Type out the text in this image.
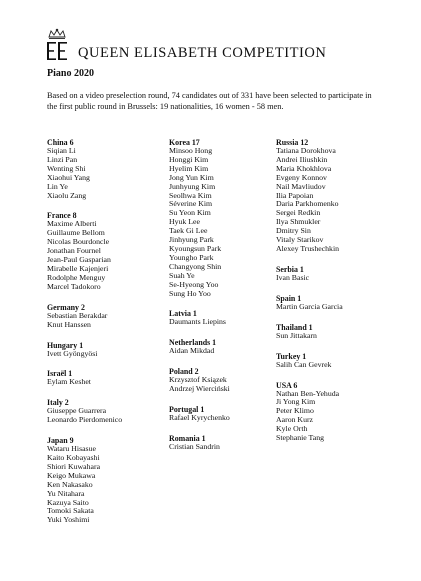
QUEEN ELISABETH COMPETITION
Piano 2020
Based on a video preselection round, 74 candidates out of 331 have been selected to participate in the first public round in Brussels: 19 nationalities, 16 women - 58 men.
China 6
Siqian Li
Linzi Pan
Wenting Shi
Xiaohui Yang
Lin Ye
Xiaolu Zang
France 8
Maxime Alberti
Guillaume Bellom
Nicolas Bourdoncle
Jonathan Fournel
Jean-Paul Gasparian
Mirabelle Kajenjeri
Rodolphe Menguy
Marcel Tadokoro
Germany 2
Sebastian Berakdar
Knut Hanssen
Hungary 1
Ivett Gyöngyösi
Israël 1
Eylam Keshet
Italy 2
Giuseppe Guarrera
Leonardo Pierdomenico
Japan 9
Wataru Hisasue
Kaito Kobayashi
Shiori Kuwahara
Keigo Mukawa
Ken Nakasako
Yu Nitahara
Kazuya Saito
Tomoki Sakata
Yuki Yoshimi
Korea 17
Minsoo Hong
Honggi Kim
Hyelim Kim
Jong Yun Kim
Junhyung Kim
Seolhwa Kim
Séverine Kim
Su Yeon Kim
Hyuk Lee
Taek Gi Lee
Jinhyung Park
Kyoungsun Park
Youngho Park
Changyong Shin
Suah Ye
Se-Hyeong Yoo
Sung Ho Yoo
Latvia 1
Daumants Liepins
Netherlands 1
Aidan Mikdad
Poland 2
Krzysztof Ksiązek
Andrzej Wierciński
Portugal 1
Rafael Kyrychenko
Romania 1
Cristian Sandrin
Russia 12
Tatiana Dorokhova
Andrei Iliushkin
Maria Khokhlova
Evgeny Konnov
Nail Mavliudov
Ilia Papoian
Daria Parkhomenko
Sergei Redkin
Ilya Shmukler
Dmitry Sin
Vitaly Starikov
Alexey Trushechkin
Serbia 1
Ivan Basic
Spain 1
Martin Garcia Garcia
Thailand 1
Sun Jittakarn
Turkey 1
Salih Can Gevrek
USA 6
Nathan Ben-Yehuda
Ji Yong Kim
Peter Klimo
Aaron Kurz
Kyle Orth
Stephanie Tang
